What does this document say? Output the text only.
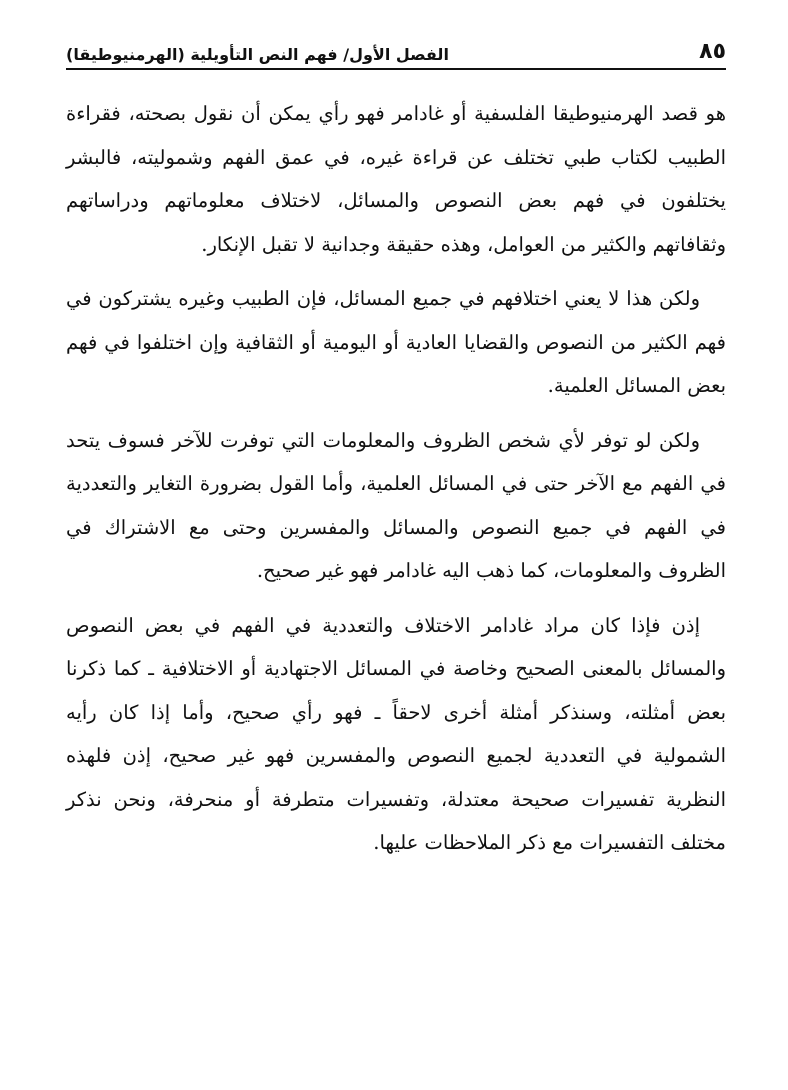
الفصل الأول/ فهم النص التأويلية (الهرمنيوطيقا)	٨٥

هو قصد الهرمنيوطيقا الفلسفية أو غادامر فهو رأي يمكن أن نقول بصحته، فقراءة الطبيب لكتاب طبي تختلف عن قراءة غيره، في عمق الفهم وشموليته، فالبشر يختلفون في فهم بعض النصوص والمسائل، لاختلاف معلوماتهم ودراساتهم وثقافاتهم والكثير من العوامل، وهذه حقيقة وجدانية لا تقبل الإنكار.

ولكن هذا لا يعني اختلافهم في جميع المسائل، فإن الطبيب وغيره يشتركون في فهم الكثير من النصوص والقضايا العادية أو اليومية أو الثقافية وإن اختلفوا في فهم بعض المسائل العلمية.

ولكن لو توفر لأي شخص الظروف والمعلومات التي توفرت للآخر فسوف يتحد في الفهم مع الآخر حتى في المسائل العلمية، وأما القول بضرورة التغاير والتعددية في الفهم في جميع النصوص والمسائل والمفسرين وحتى مع الاشتراك في الظروف والمعلومات، كما ذهب اليه غادامر فهو غير صحيح.

إذن فإذا كان مراد غادامر الاختلاف والتعددية في الفهم في بعض النصوص والمسائل بالمعنى الصحيح وخاصة في المسائل الاجتهادية أو الاختلافية ـ كما ذكرنا بعض أمثلته، وسنذكر أمثلة أخرى لاحقاً ـ فهو رأي صحيح، وأما إذا كان رأيه الشمولية في التعددية لجميع النصوص والمفسرين فهو غير صحيح، إذن فلهذه النظرية تفسيرات صحيحة معتدلة، وتفسيرات متطرفة أو منحرفة، ونحن نذكر مختلف التفسيرات مع ذكر الملاحظات عليها.
